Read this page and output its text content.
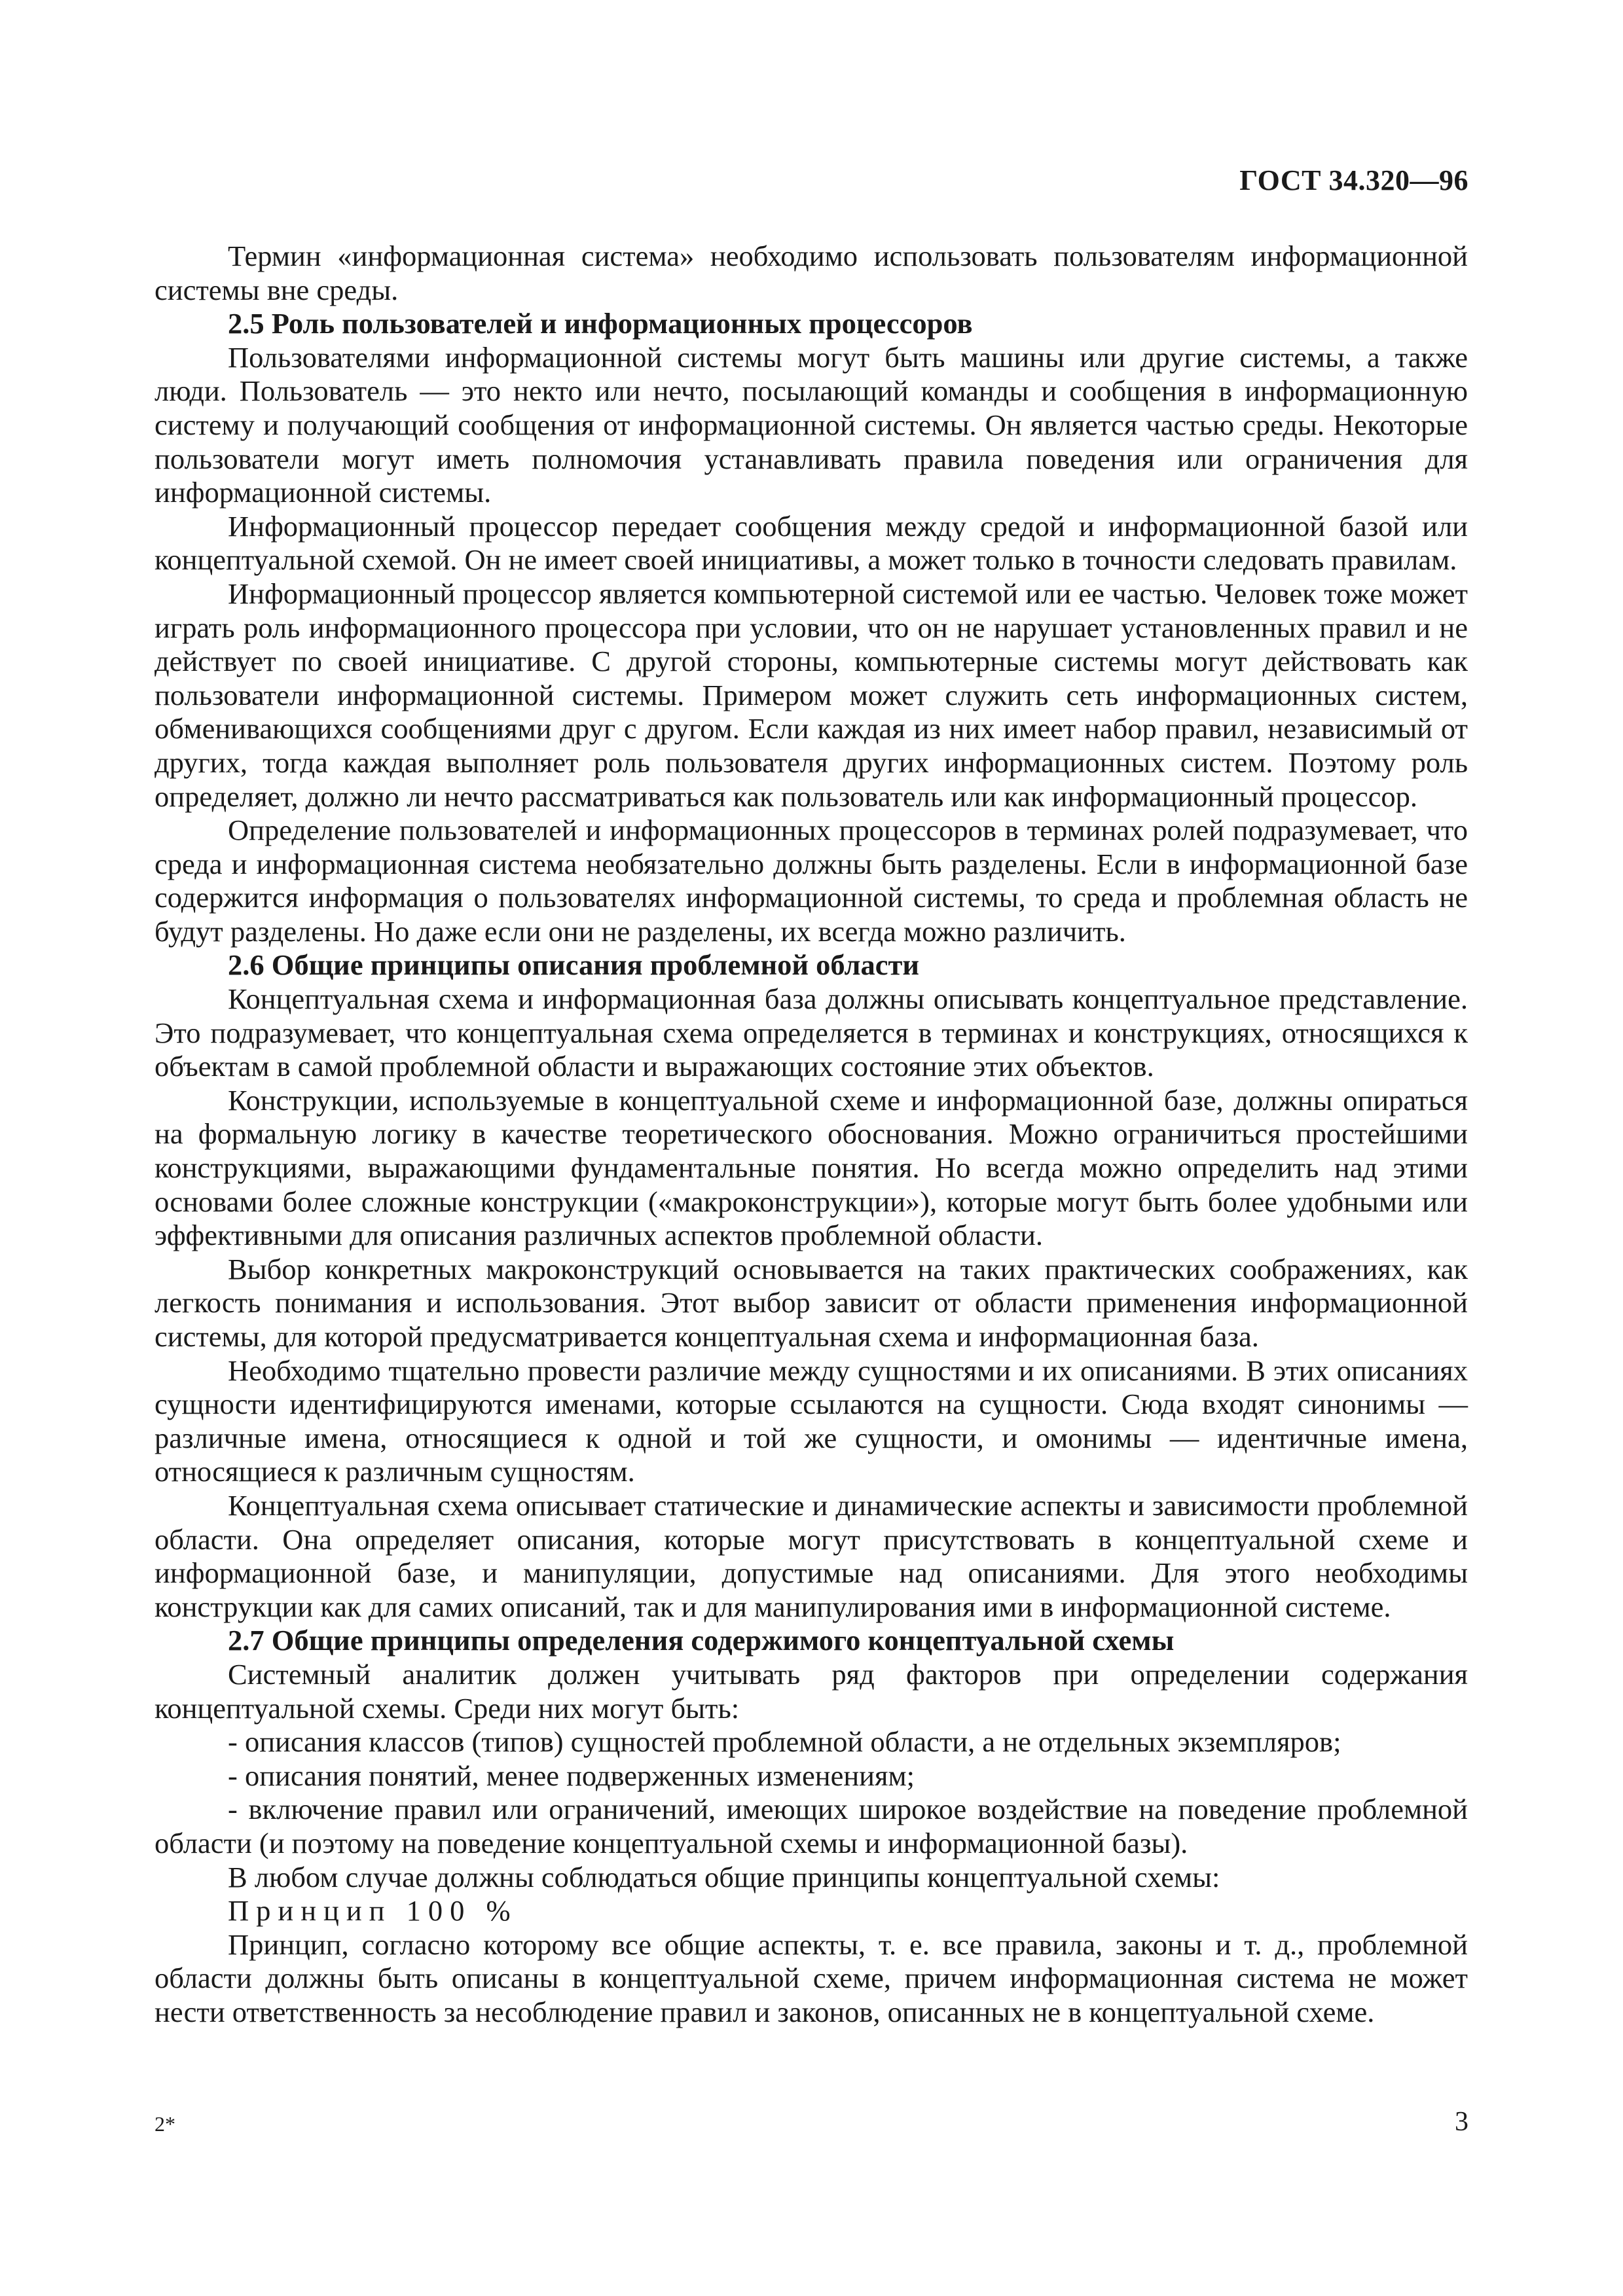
ГОСТ 34.320—96

Термин «информационная система» необходимо использовать пользователям информационной системы вне среды.

2.5 Роль пользователей и информационных процессоров

Пользователями информационной системы могут быть машины или другие системы, а также люди. Пользователь — это некто или нечто, посылающий команды и сообщения в информационную систему и получающий сообщения от информационной системы. Он является частью среды. Некоторые пользователи могут иметь полномочия устанавливать правила поведения или ограничения для информационной системы.

Информационный процессор передает сообщения между средой и информационной базой или концептуальной схемой. Он не имеет своей инициативы, а может только в точности следовать правилам.

Информационный процессор является компьютерной системой или ее частью. Человек тоже может играть роль информационного процессора при условии, что он не нарушает установленных правил и не действует по своей инициативе. С другой стороны, компьютерные системы могут действовать как пользователи информационной системы. Примером может служить сеть информационных систем, обменивающихся сообщениями друг с другом. Если каждая из них имеет набор правил, независимый от других, тогда каждая выполняет роль пользователя других информационных систем. Поэтому роль определяет, должно ли нечто рассматриваться как пользователь или как информационный процессор.

Определение пользователей и информационных процессоров в терминах ролей подразумевает, что среда и информационная система необязательно должны быть разделены. Если в информационной базе содержится информация о пользователях информационной системы, то среда и проблемная область не будут разделены. Но даже если они не разделены, их всегда можно различить.

2.6 Общие принципы описания проблемной области

Концептуальная схема и информационная база должны описывать концептуальное представление. Это подразумевает, что концептуальная схема определяется в терминах и конструкциях, относящихся к объектам в самой проблемной области и выражающих состояние этих объектов.

Конструкции, используемые в концептуальной схеме и информационной базе, должны опираться на формальную логику в качестве теоретического обоснования. Можно ограничиться простейшими конструкциями, выражающими фундаментальные понятия. Но всегда можно определить над этими основами более сложные конструкции («макроконструкции»), которые могут быть более удобными или эффективными для описания различных аспектов проблемной области.

Выбор конкретных макроконструкций основывается на таких практических соображениях, как легкость понимания и использования. Этот выбор зависит от области применения информационной системы, для которой предусматривается концептуальная схема и информационная база.

Необходимо тщательно провести различие между сущностями и их описаниями. В этих описаниях сущности идентифицируются именами, которые ссылаются на сущности. Сюда входят синонимы — различные имена, относящиеся к одной и той же сущности, и омонимы — идентичные имена, относящиеся к различным сущностям.

Концептуальная схема описывает статические и динамические аспекты и зависимости проблемной области. Она определяет описания, которые могут присутствовать в концептуальной схеме и информационной базе, и манипуляции, допустимые над описаниями. Для этого необходимы конструкции как для самих описаний, так и для манипулирования ими в информационной системе.

2.7 Общие принципы определения содержимого концептуальной схемы

Системный аналитик должен учитывать ряд факторов при определении содержания концептуальной схемы. Среди них могут быть:

- описания классов (типов) сущностей проблемной области, а не отдельных экземпляров;

- описания понятий, менее подверженных изменениям;

- включение правил или ограничений, имеющих широкое воздействие на поведение проблемной области (и поэтому на поведение концептуальной схемы и информационной базы).

В любом случае должны соблюдаться общие принципы концептуальной схемы:

Принцип 100 %

Принцип, согласно которому все общие аспекты, т. е. все правила, законы и т. д., проблемной области должны быть описаны в концептуальной схеме, причем информационная система не может нести ответственность за несоблюдение правил и законов, описанных не в концептуальной схеме.

2*	3
